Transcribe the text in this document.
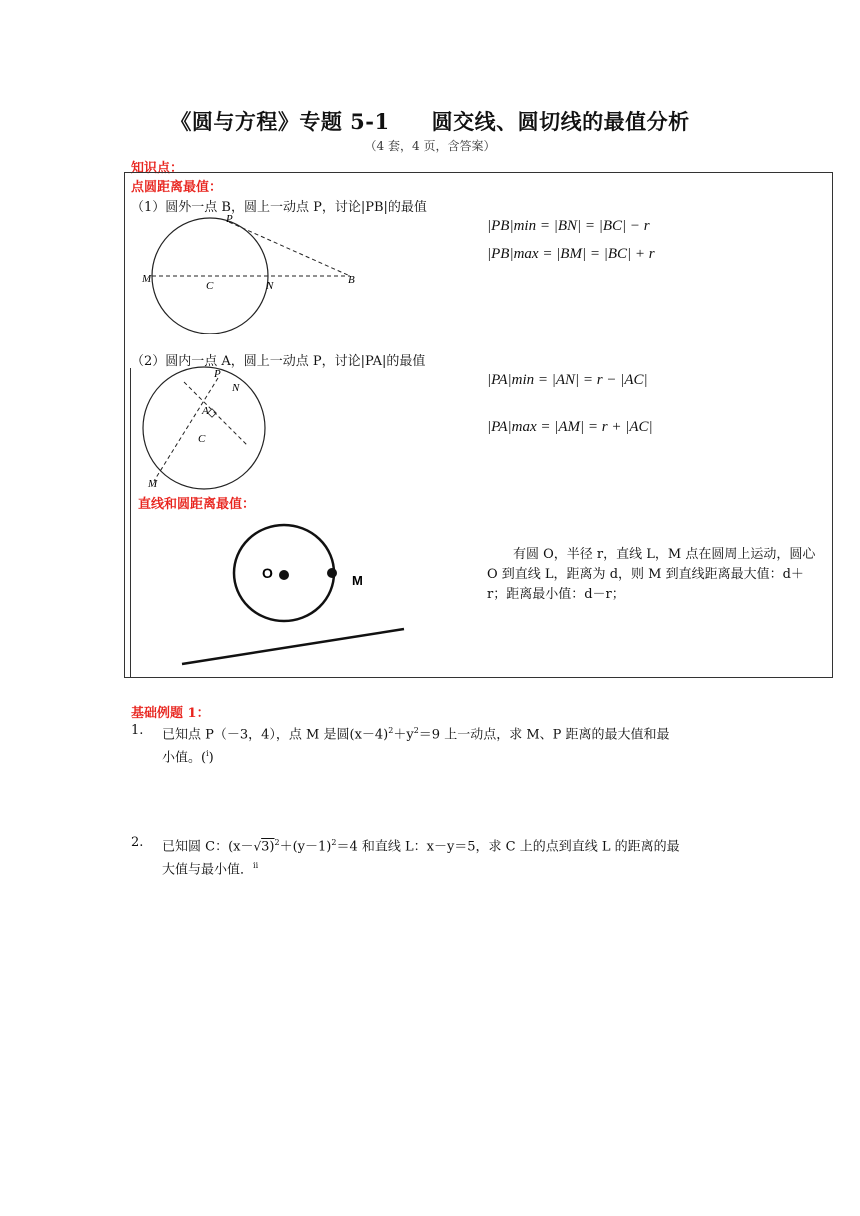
《圆与方程》专题 5-1 圆交线、圆切线的最值分析
（4 套，4 页，含答案）
知识点：
点圆距离最值：
（1）圆外一点 B，圆上一动点 P，讨论|PB|的最值
P
M
C	N	B
|PB|min = |BN| = |BC| − r
|PB|max = |BM| = |BC| + r
（2）圆内一点 A，圆上一动点 P，讨论|PA|的最值
P
N
A
C
M
|PA|min = |AN| = r − |AC|
|PA|max = |AM| = r + |AC|
直线和圆距离最值：
O	M
有圆 O，半径 r，直线 L，M 点在圆周上运动，圆心 O 到直线 L，距离为 d，则 M 到直线距离最大值：d＋r；距离最小值：d－r；
基础例题 1：
1. 已知点 P（－3，4），点 M 是圆$(x-4)^2+y^2=9$ 上一动点，求 M、P 距离的最大值和最
小值。($^i$)
2. 已知圆 C：$(x-√3)^2+(y-1)^2=4$ 和直线 L：x－y＝5，求 C 上的点到直线 L 的距离的最
大值与最小值．$^{ii}$
